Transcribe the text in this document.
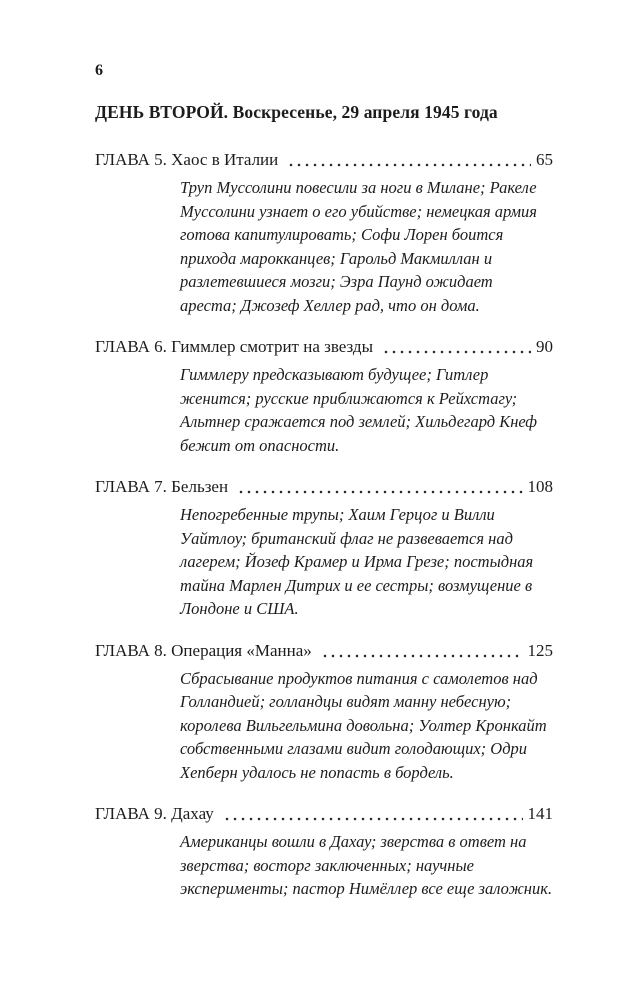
6
ДЕНЬ ВТОРОЙ. Воскресенье, 29 апреля 1945 года
ГЛАВА 5. Хаос в Италии	65
Труп Муссолини повесили за ноги в Милане; Ракеле Муссолини узнает о его убийстве; немецкая армия готова капитулировать; Софи Лорен боится прихода марокканцев; Гарольд Макмиллан и разлетевшиеся мозги; Эзра Паунд ожидает ареста; Джозеф Хеллер рад, что он дома.
ГЛАВА 6. Гиммлер смотрит на звезды	90
Гиммлеру предсказывают будущее; Гитлер женится; русские приближаются к Рейхстагу; Альтнер сражается под землей; Хильдегард Кнеф бежит от опасности.
ГЛАВА 7. Бельзен	108
Непогребенные трупы; Хаим Герцог и Вилли Уайтлоу; британский флаг не развевается над лагерем; Йозеф Крамер и Ирма Грезе; постыдная тайна Марлен Дитрих и ее сестры; возмущение в Лондоне и США.
ГЛАВА 8. Операция «Манна»	125
Сбрасывание продуктов питания с самолетов над Голландией; голландцы видят манну небесную; королева Вильгельмина довольна; Уолтер Кронкайт собственными глазами видит голодающих; Одри Хепберн удалось не попасть в бордель.
ГЛАВА 9. Дахау	141
Американцы вошли в Дахау; зверства в ответ на зверства; восторг заключенных; научные эксперименты; пастор Нимёллер все еще заложник.
